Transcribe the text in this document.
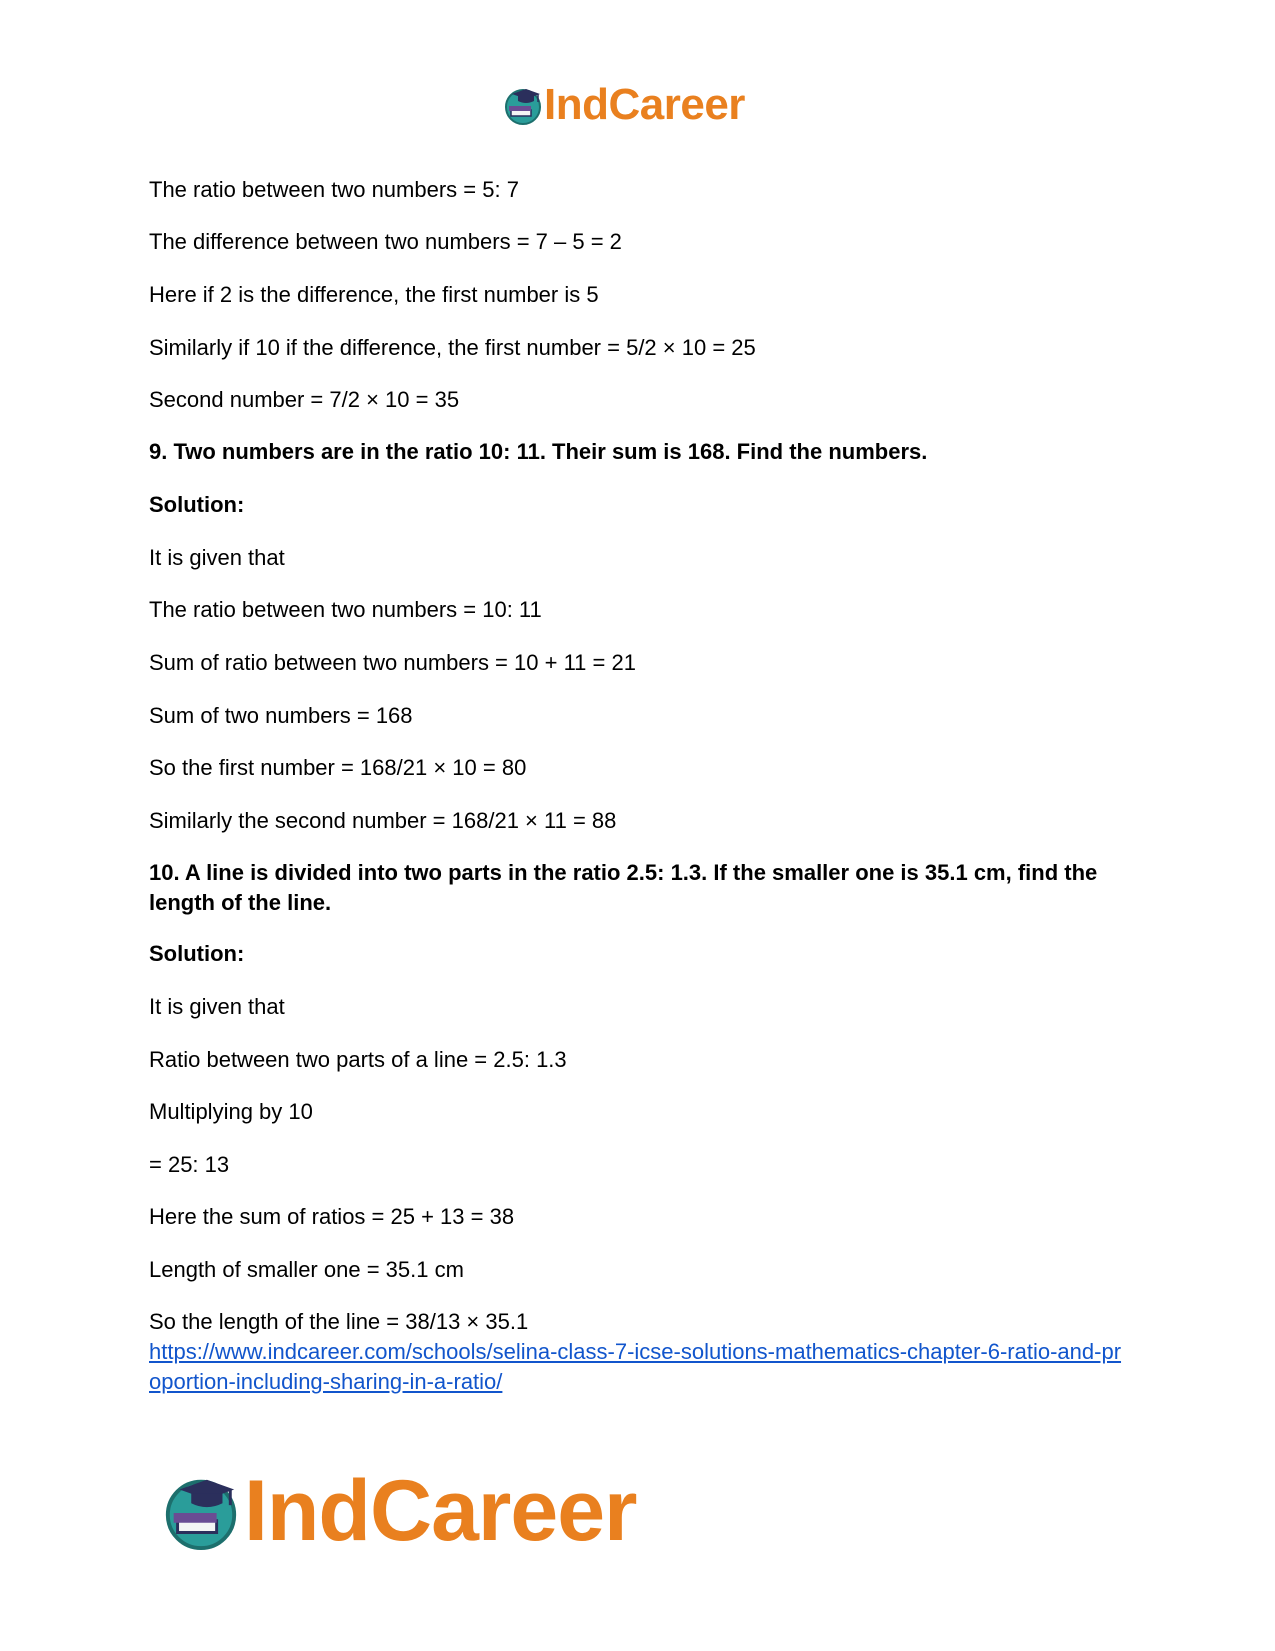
IndCareer
The ratio between two numbers = 5: 7
The difference between two numbers = 7 – 5 = 2
Here if 2 is the difference, the first number is 5
Similarly if 10 if the difference, the first number = 5/2 × 10 = 25
Second number = 7/2 × 10 = 35
9. Two numbers are in the ratio 10: 11. Their sum is 168. Find the numbers.
Solution:
It is given that
The ratio between two numbers = 10: 11
Sum of ratio between two numbers = 10 + 11 = 21
Sum of two numbers = 168
So the first number = 168/21 × 10 = 80
Similarly the second number = 168/21 × 11 = 88
10. A line is divided into two parts in the ratio 2.5: 1.3. If the smaller one is 35.1 cm, find the length of the line.
Solution:
It is given that
Ratio between two parts of a line = 2.5: 1.3
Multiplying by 10
= 25: 13
Here the sum of ratios = 25 + 13 = 38
Length of smaller one = 35.1 cm
So the length of the line = 38/13 × 35.1
https://www.indcareer.com/schools/selina-class-7-icse-solutions-mathematics-chapter-6-ratio-and-proportion-including-sharing-in-a-ratio/
IndCareer
